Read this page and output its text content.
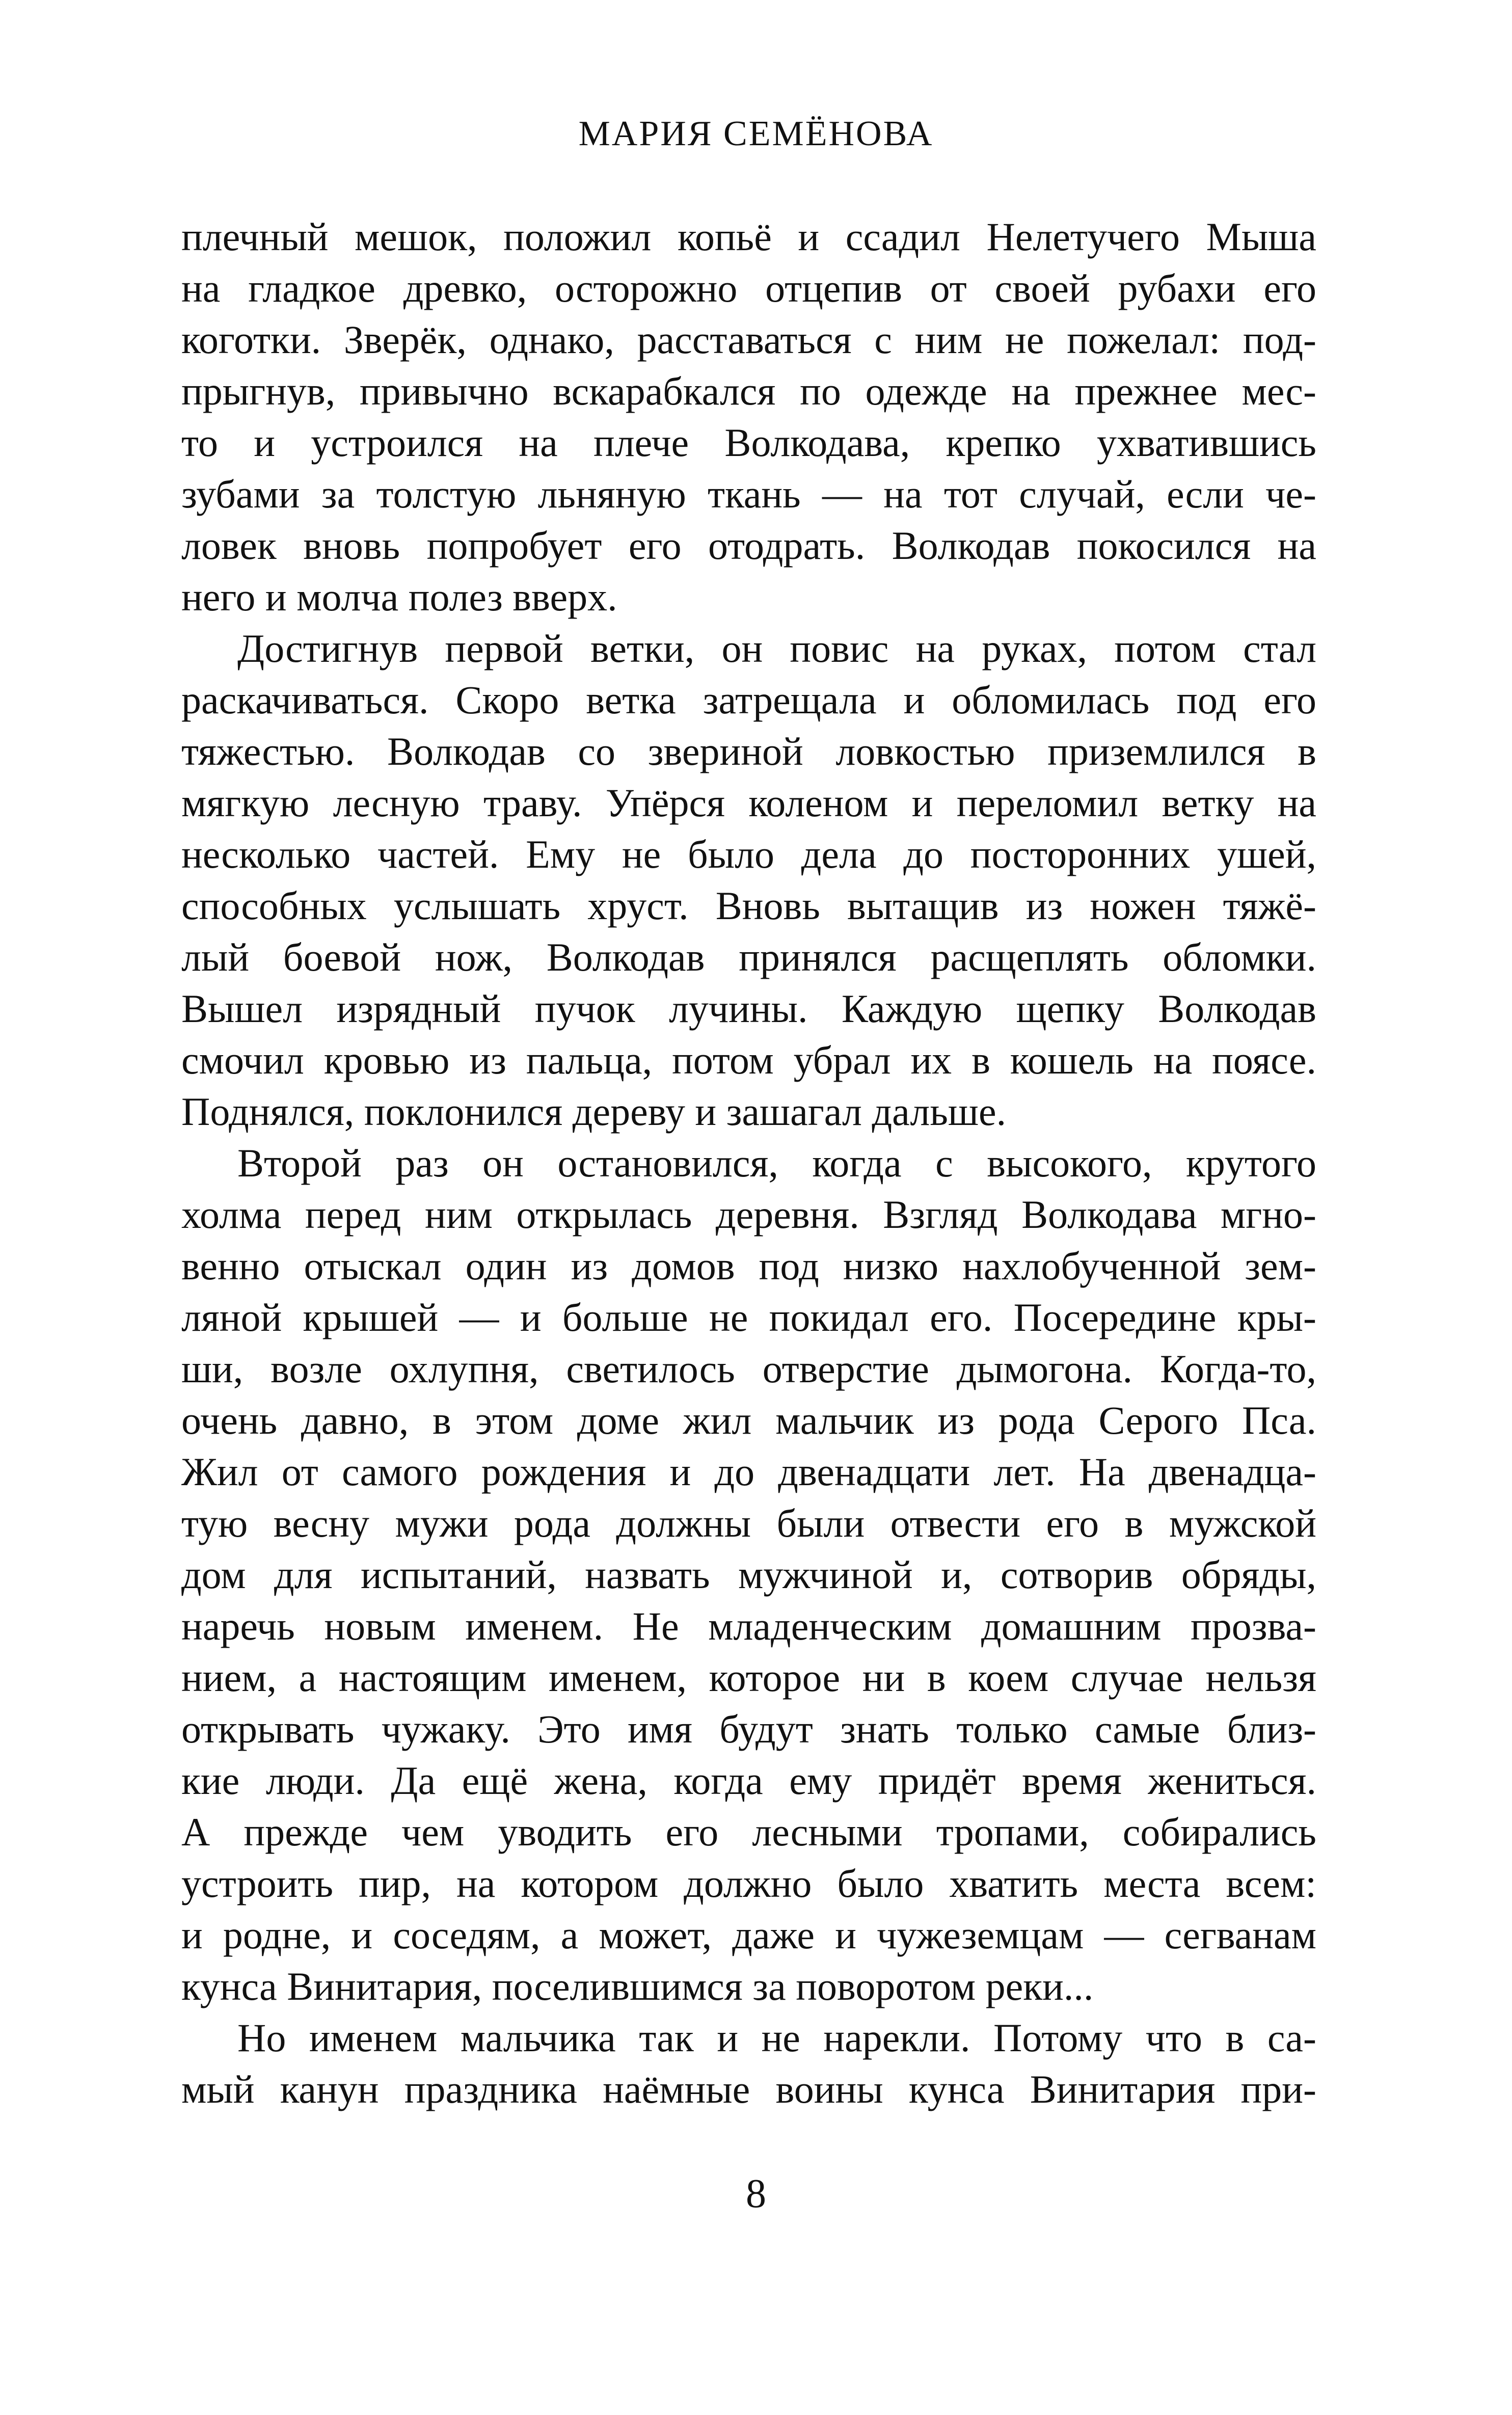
МАРИЯ СЕМЁНОВА
плечный мешок, положил копьё и ссадил Нелетучего Мыша
на гладкое древко, осторожно отцепив от своей рубахи его
коготки. Зверёк, однако, расставаться с ним не пожелал: под-
прыгнув, привычно вскарабкался по одежде на прежнее мес-
то и устроился на плече Волкодава, крепко ухватившись
зубами за толстую льняную ткань — на тот случай, если че-
ловек вновь попробует его отодрать. Волкодав покосился на
него и молча полез вверх.
Достигнув первой ветки, он повис на руках, потом стал
раскачиваться. Скоро ветка затрещала и обломилась под его
тяжестью. Волкодав со звериной ловкостью приземлился в
мягкую лесную траву. Упёрся коленом и переломил ветку на
несколько частей. Ему не было дела до посторонних ушей,
способных услышать хруст. Вновь вытащив из ножен тяжё-
лый боевой нож, Волкодав принялся расщеплять обломки.
Вышел изрядный пучок лучины. Каждую щепку Волкодав
смочил кровью из пальца, потом убрал их в кошель на поясе.
Поднялся, поклонился дереву и зашагал дальше.
Второй раз он остановился, когда с высокого, крутого
холма перед ним открылась деревня. Взгляд Волкодава мгно-
венно отыскал один из домов под низко нахлобученной зем-
ляной крышей — и больше не покидал его. Посередине кры-
ши, возле охлупня, светилось отверстие дымогона. Когда-то,
очень давно, в этом доме жил мальчик из рода Серого Пса.
Жил от самого рождения и до двенадцати лет. На двенадца-
тую весну мужи рода должны были отвести его в мужской
дом для испытаний, назвать мужчиной и, сотворив обряды,
наречь новым именем. Не младенческим домашним прозва-
нием, а настоящим именем, которое ни в коем случае нельзя
открывать чужаку. Это имя будут знать только самые близ-
кие люди. Да ещё жена, когда ему придёт время жениться.
А прежде чем уводить его лесными тропами, собирались
устроить пир, на котором должно было хватить места всем:
и родне, и соседям, а может, даже и чужеземцам — сегванам
кунса Винитария, поселившимся за поворотом реки...
Но именем мальчика так и не нарекли. Потому что в са-
мый канун праздника наёмные воины кунса Винитария при-
8
